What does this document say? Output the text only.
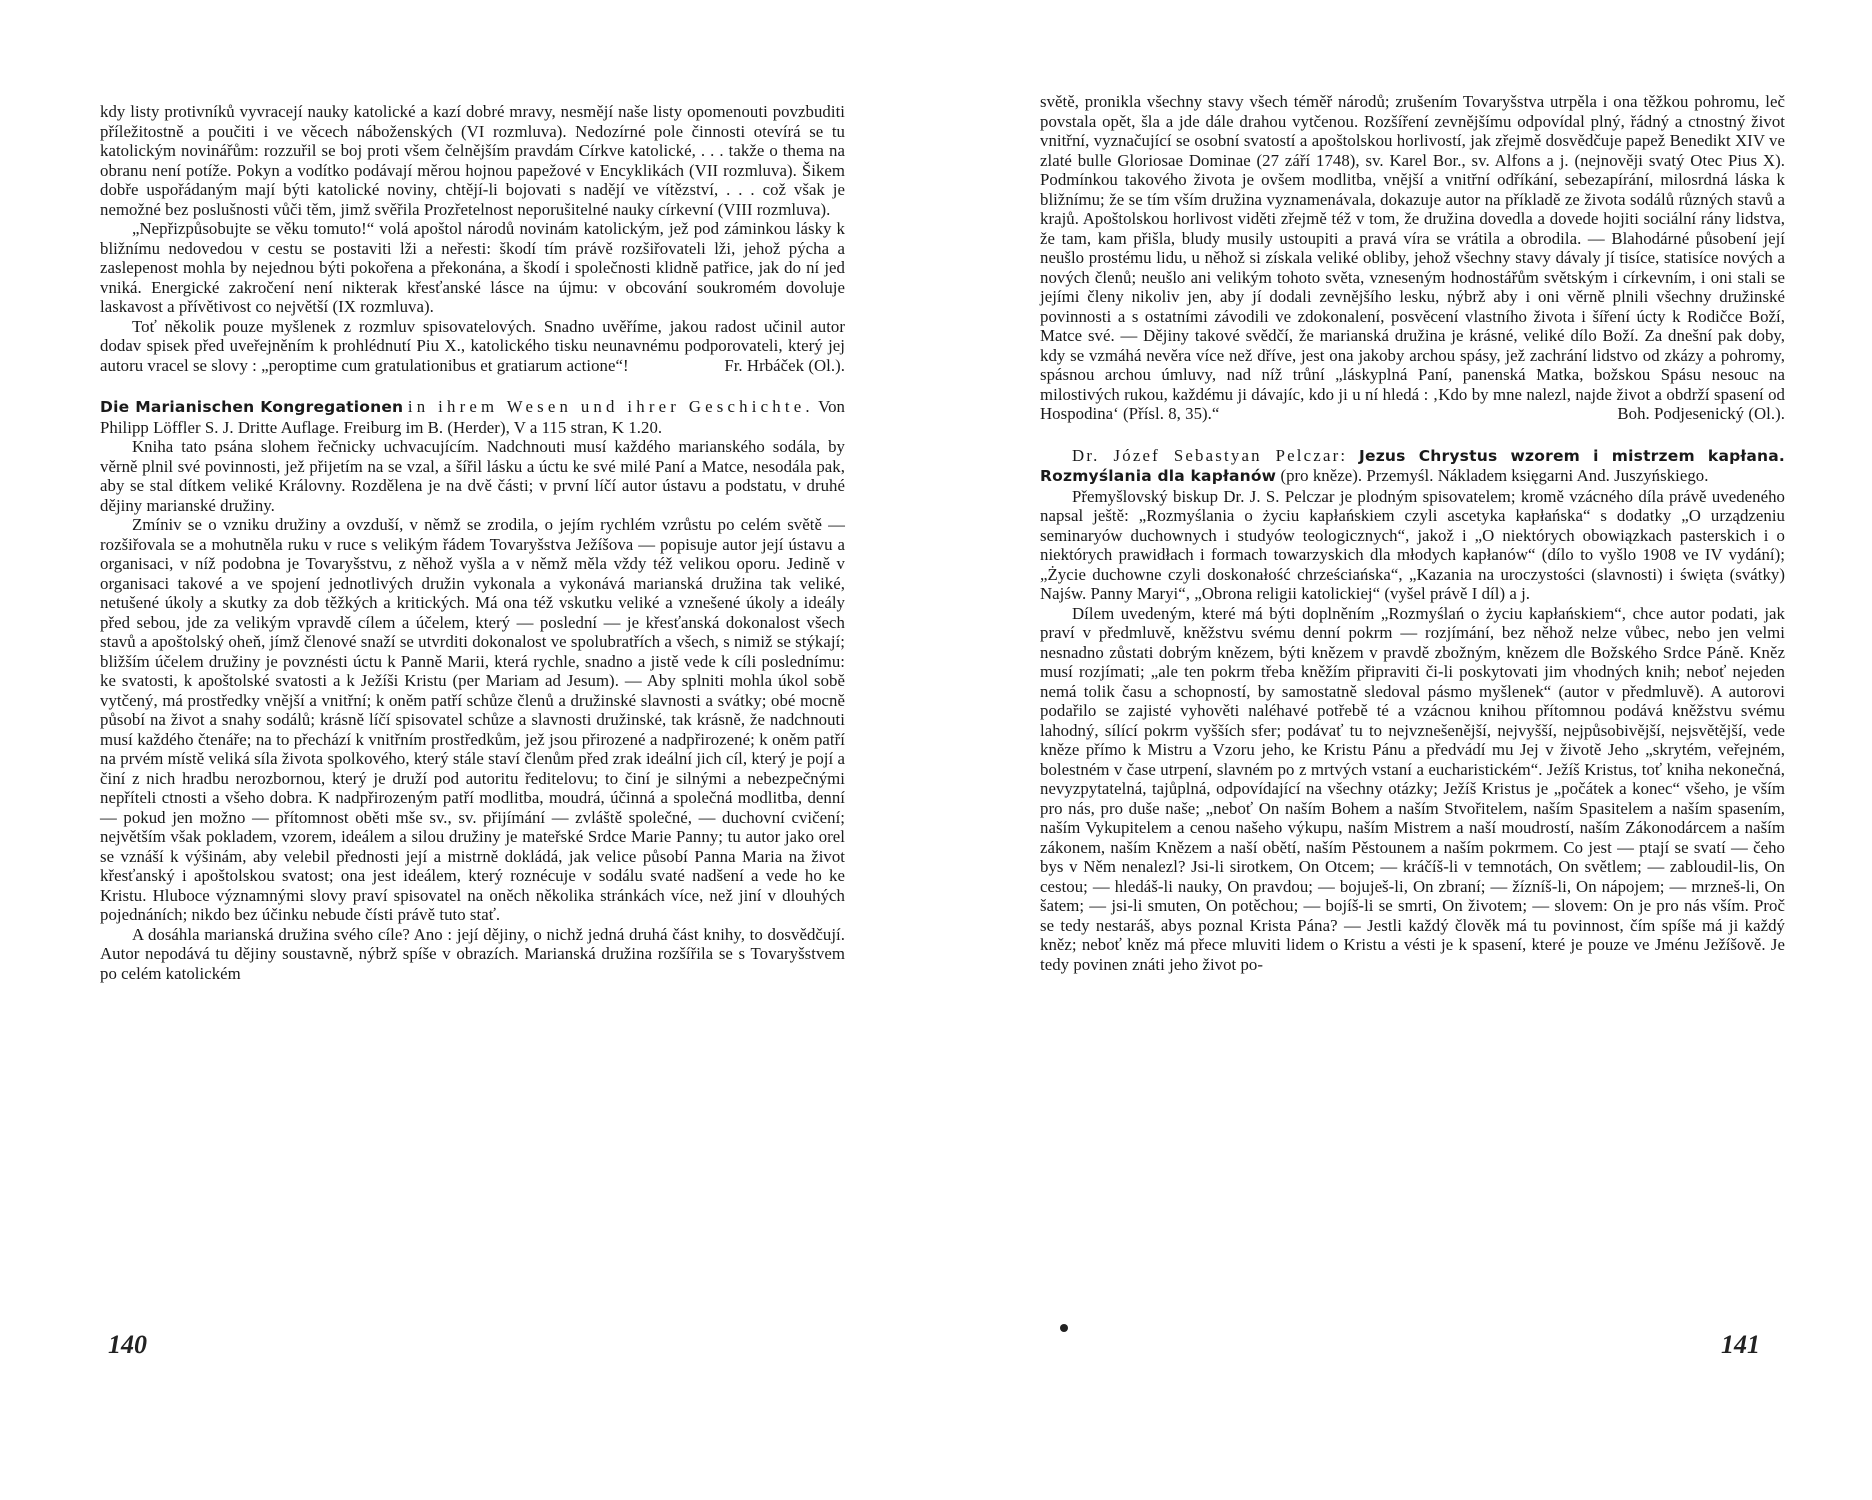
kdy listy protivníků vyvracejí nauky katolické a kazí dobré mravy, nesmějí naše listy opomenouti povzbuditi příležitostně a poučiti i ve věcech náboženských (VI rozmluva). Nedozírné pole činnosti otevírá se tu katolickým novinářům: rozzuřil se boj proti všem čelnějším pravdám Církve katolické, . . . takže o thema na obranu není potíže. Pokyn a vodítko podávají měrou hojnou papežové v Encyklikách (VII rozmluva). Šikem dobře uspořádaným mají býti katolické noviny, chtějí-li bojovati s nadějí ve vítězství, . . . což však je nemožné bez poslušnosti vůči těm, jimž svěřila Prozřetelnost neporušitelné nauky církevní (VIII rozmluva).

„Nepřizpůsobujte se věku tomuto!“ volá apoštol národů novinám katolickým, jež pod záminkou lásky k bližnímu nedovedou v cestu se postaviti lži a neřesti: škodí tím právě rozšiřovateli lži, jehož pýcha a zaslepenost mohla by nejednou býti pokořena a překonána, a škodí i společnosti klidně patřice, jak do ní jed vniká. Energické zakročení není nikterak křesťanské lásce na újmu: v obcování soukromém dovoluje laskavost a přívětivost co největší (IX rozmluva).

Toť několik pouze myšlenek z rozmluv spisovatelových. Snadno uvěříme, jakou radost učinil autor dodav spisek před uveřejněním k prohlédnutí Piu X., katolického tisku neunavnému podporovateli, který jej autoru vracel se slovy : „peroptime cum gratulationibus et gratiarum actione“!	Fr. Hrbáček (Ol.).

Die Marianischen Kongregationen in ihrem Wesen und ihrer Geschichte. Von Philipp Löffler S. J. Dritte Auflage. Freiburg im B. (Herder), V a 115 stran, K 1.20.

Kniha tato psána slohem řečnicky uchvacujícím. Nadchnouti musí každého marianského sodála, by věrně plnil své povinnosti, jež přijetím na se vzal, a šířil lásku a úctu ke své milé Paní a Matce, nesodála pak, aby se stal dítkem veliké Královny. Rozdělena je na dvě části; v první líčí autor ústavu a podstatu, v druhé dějiny marianské družiny.

Zmíniv se o vzniku družiny a ovzduší, v němž se zrodila, o jejím rychlém vzrůstu po celém světě — rozšiřovala se a mohutněla ruku v ruce s velikým řádem Tovaryšstva Ježíšova — popisuje autor její ústavu a organisaci, v níž podobna je Tovaryšstvu, z něhož vyšla a v němž měla vždy též velikou oporu. Jedině v organisaci takové a ve spojení jednotlivých družin vykonala a vykonává marianská družina tak veliké, netušené úkoly a skutky za dob těžkých a kritických. Má ona též vskutku veliké a vznešené úkoly a ideály před sebou, jde za velikým vpravdě cílem a účelem, který — poslední — je křesťanská dokonalost všech stavů a apoštolský oheň, jímž členové snaží se utvrditi dokonalost ve spolubratřích a všech, s nimiž se stýkají; bližším účelem družiny je povznésti úctu k Panně Marii, která rychle, snadno a jistě vede k cíli poslednímu: ke svatosti, k apoštolské svatosti a k Ježíši Kristu (per Mariam ad Jesum). — Aby splniti mohla úkol sobě vytčený, má prostředky vnější a vnitřní; k oněm patří schůze členů a družinské slavnosti a svátky; obé mocně působí na život a snahy sodálů; krásně líčí spisovatel schůze a slavnosti družinské, tak krásně, že nadchnouti musí každého čtenáře; na to přechází k vnitřním prostředkům, jež jsou přirozené a nadpřirozené; k oněm patří na prvém místě veliká síla života spolkového, který stále staví členům před zrak ideální jich cíl, který je pojí a činí z nich hradbu nerozbornou, který je druží pod autoritu ředitelovu; to činí je silnými a nebezpečnými nepříteli ctnosti a všeho dobra. K nadpřirozeným patří modlitba, moudrá, účinná a společná modlitba, denní — pokud jen možno — přítomnost oběti mše sv., sv. přijímání — zvláště společné, — duchovní cvičení; největším však pokladem, vzorem, ideálem a silou družiny je mateřské Srdce Marie Panny; tu autor jako orel se vznáší k výšinám, aby velebil přednosti její a mistrně dokládá, jak velice působí Panna Maria na život křesťanský i apoštolskou svatost; ona jest ideálem, který roznécuje v sodálu svaté nadšení a vede ho ke Kristu. Hluboce významnými slovy praví spisovatel na oněch několika stránkách více, než jiní v dlouhých pojednáních; nikdo bez účinku nebude čísti právě tuto stať.

A dosáhla marianská družina svého cíle? Ano : její dějiny, o nichž jedná druhá část knihy, to dosvědčují. Autor nepodává tu dějiny soustavně, nýbrž spíše v obrazích. Marianská družina rozšířila se s Tovaryšstvem po celém katolickém

140

světě, pronikla všechny stavy všech téměř národů; zrušením Tovaryšstva utrpěla i ona těžkou pohromu, leč povstala opět, šla a jde dále drahou vytčenou. Rozšíření zevnějšímu odpovídal plný, řádný a ctnostný život vnitřní, vyznačující se osobní svatostí a apoštolskou horlivostí, jak zřejmě dosvědčuje papež Benedikt XIV ve zlaté bulle Gloriosae Dominae (27 září 1748), sv. Karel Bor., sv. Alfons a j. (nejnověji svatý Otec Pius X). Podmínkou takového života je ovšem modlitba, vnější a vnitřní odříkání, sebezapírání, milosrdná láska k bližnímu; že se tím vším družina vyznamenávala, dokazuje autor na příkladě ze života sodálů různých stavů a krajů. Apoštolskou horlivost viděti zřejmě též v tom, že družina dovedla a dovede hojiti sociální rány lidstva, že tam, kam přišla, bludy musily ustoupiti a pravá víra se vrátila a obrodila. — Blahodárné působení její neušlo prostému lidu, u něhož si získala veliké obliby, jehož všechny stavy dávaly jí tisíce, statisíce nových a nových členů; neušlo ani velikým tohoto světa, vzneseným hodnostářům světským i církevním, i oni stali se jejími členy nikoliv jen, aby jí dodali zevnějšího lesku, nýbrž aby i oni věrně plnili všechny družinské povinnosti a s ostatními závodili ve zdokonalení, posvěcení vlastního života i šíření úcty k Rodičce Boží, Matce své. — Dějiny takové svědčí, že marianská družina je krásné, veliké dílo Boží. Za dnešní pak doby, kdy se vzmáhá nevěra více než dříve, jest ona jakoby archou spásy, jež zachrání lidstvo od zkázy a pohromy, spásnou archou úmluvy, nad níž trůní „láskyplná Paní, panenská Matka, božskou Spásu nesouc na milostivých rukou, každému ji dávajíc, kdo ji u ní hledá : ‚Kdo by mne nalezl, najde život a obdrží spasení od Hospodina‘ (Přísl. 8, 35).“	Boh. Podjesenický (Ol.).

Dr. Józef Sebastyan Pelczar: Jezus Chrystus wzorem i mistrzem kapłana. Rozmyślania dla kapłanów (pro kněze). Przemyśl. Nákladem księgarni And. Juszyńskiego.

Přemyšlovský biskup Dr. J. S. Pelczar je plodným spisovatelem; kromě vzácného díla právě uvedeného napsal ještě: „Rozmyślania o życiu kapłańskiem czyli ascetyka kapłańska“ s dodatky „O urządzeniu seminaryów duchownych i studyów teologicznych“, jakož i „O niektórych obowiązkach pasterskich i o niektórych prawidłach i formach towarzyskich dla młodych kapłanów“ (dílo to vyšlo 1908 ve IV vydání); „Życie duchowne czyli doskonałość chrześciańska“, „Kazania na uroczystości (slavnosti) i święta (svátky) Najśw. Panny Maryi“, „Obrona religii katolickiej“ (vyšel právě I díl) a j.

Dílem uvedeným, které má býti doplněním „Rozmyślań o życiu kapłańskiem“, chce autor podati, jak praví v předmluvě, kněžstvu svému denní pokrm — rozjímání, bez něhož nelze vůbec, nebo jen velmi nesnadno zůstati dobrým knězem, býti knězem v pravdě zbožným, knězem dle Božského Srdce Páně. Kněz musí rozjímati; „ale ten pokrm třeba kněžím připraviti či-li poskytovati jim vhodných knih; neboť nejeden nemá tolik času a schopností, by samostatně sledoval pásmo myšlenek“ (autor v předmluvě). A autorovi podařilo se zajisté vyhověti naléhavé potřebě té a vzácnou knihou přítomnou podává kněžstvu svému lahodný, sílící pokrm vyšších sfer; podávať tu to nejvznešenější, nejvyšší, nejpůsobivější, nejsvětější, vede kněze přímo k Mistru a Vzoru jeho, ke Kristu Pánu a předvádí mu Jej v životě Jeho „skrytém, veřejném, bolestném v čase utrpení, slavném po z mrtvých vstaní a eucharistickém“. Ježíš Kristus, toť kniha nekonečná, nevyzpytatelná, tajůplná, odpovídající na všechny otázky; Ježíš Kristus je „počátek a konec“ všeho, je vším pro nás, pro duše naše; „neboť On naším Bohem a naším Stvořitelem, naším Spasitelem a naším spasením, naším Vykupitelem a cenou našeho výkupu, naším Mistrem a naší moudrostí, naším Zákonodárcem a naším zákonem, naším Knězem a naší obětí, naším Pěstounem a naším pokrmem. Co jest — ptají se svatí — čeho bys v Něm nenalezl? Jsi-li sirotkem, On Otcem; — kráčíš-li v temnotách, On světlem; — zabloudil-lis, On cestou; — hledáš-li nauky, On pravdou; — bojuješ-li, On zbraní; — žízníš-li, On nápojem; — mrzneš-li, On šatem; — jsi-li smuten, On potěchou; — bojíš-li se smrti, On životem; — slovem: On je pro nás vším. Proč se tedy nestaráš, abys poznal Krista Pána? — Jestli každý člověk má tu povinnost, čím spíše má ji každý kněz; neboť kněz má přece mluviti lidem o Kristu a vésti je k spasení, které je pouze ve Jménu Ježíšově. Je tedy povinen znáti jeho život po-

141
